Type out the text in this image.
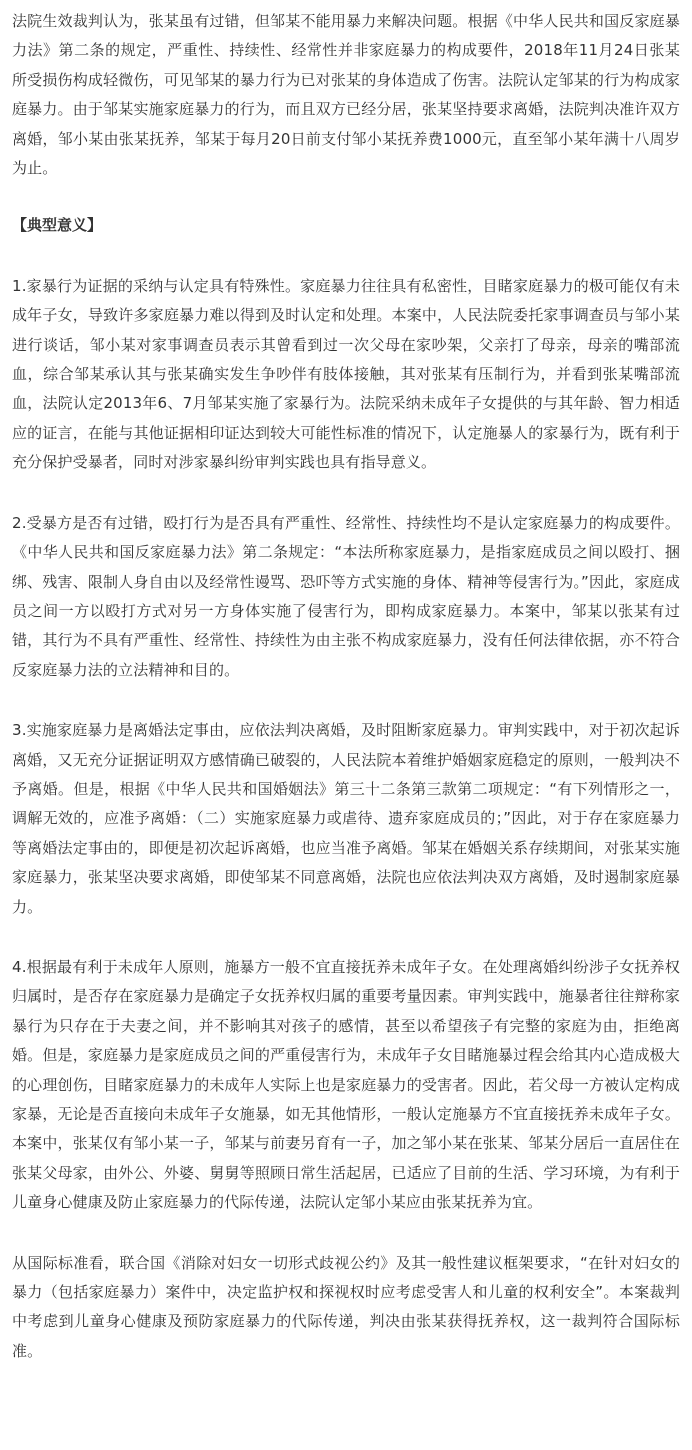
法院生效裁判认为，张某虽有过错，但邹某不能用暴力来解决问题。根据《中华人民共和国反家庭暴力法》第二条的规定，严重性、持续性、经常性并非家庭暴力的构成要件，2018年11月24日张某所受损伤构成轻微伤，可见邹某的暴力行为已对张某的身体造成了伤害。法院认定邹某的行为构成家庭暴力。由于邹某实施家庭暴力的行为，而且双方已经分居，张某坚持要求离婚，法院判决准许双方离婚，邹小某由张某抚养，邹某于每月20日前支付邹小某抚养费1000元，直至邹小某年满十八周岁为止。

【典型意义】

1.家暴行为证据的采纳与认定具有特殊性。家庭暴力往往具有私密性，目睹家庭暴力的极可能仅有未成年子女，导致许多家庭暴力难以得到及时认定和处理。本案中，人民法院委托家事调查员与邹小某进行谈话，邹小某对家事调查员表示其曾看到过一次父母在家吵架，父亲打了母亲，母亲的嘴部流血，综合邹某承认其与张某确实发生争吵伴有肢体接触，其对张某有压制行为，并看到张某嘴部流血，法院认定2013年6、7月邹某实施了家暴行为。法院采纳未成年子女提供的与其年龄、智力相适应的证言，在能与其他证据相印证达到较大可能性标准的情况下，认定施暴人的家暴行为，既有利于充分保护受暴者，同时对涉家暴纠纷审判实践也具有指导意义。

2.受暴方是否有过错，殴打行为是否具有严重性、经常性、持续性均不是认定家庭暴力的构成要件。《中华人民共和国反家庭暴力法》第二条规定：“本法所称家庭暴力，是指家庭成员之间以殴打、捆绑、残害、限制人身自由以及经常性谩骂、恐吓等方式实施的身体、精神等侵害行为。”因此，家庭成员之间一方以殴打方式对另一方身体实施了侵害行为，即构成家庭暴力。本案中，邹某以张某有过错，其行为不具有严重性、经常性、持续性为由主张不构成家庭暴力，没有任何法律依据，亦不符合反家庭暴力法的立法精神和目的。

3.实施家庭暴力是离婚法定事由，应依法判决离婚，及时阻断家庭暴力。审判实践中，对于初次起诉离婚，又无充分证据证明双方感情确已破裂的，人民法院本着维护婚姻家庭稳定的原则，一般判决不予离婚。但是，根据《中华人民共和国婚姻法》第三十二条第三款第二项规定：“有下列情形之一，调解无效的，应准予离婚：（二）实施家庭暴力或虐待、遗弃家庭成员的；”因此，对于存在家庭暴力等离婚法定事由的，即便是初次起诉离婚，也应当准予离婚。邹某在婚姻关系存续期间，对张某实施家庭暴力，张某坚决要求离婚，即使邹某不同意离婚，法院也应依法判决双方离婚，及时遏制家庭暴力。

4.根据最有利于未成年人原则，施暴方一般不宜直接抚养未成年子女。在处理离婚纠纷涉子女抚养权归属时，是否存在家庭暴力是确定子女抚养权归属的重要考量因素。审判实践中，施暴者往往辩称家暴行为只存在于夫妻之间，并不影响其对孩子的感情，甚至以希望孩子有完整的家庭为由，拒绝离婚。但是，家庭暴力是家庭成员之间的严重侵害行为，未成年子女目睹施暴过程会给其内心造成极大的心理创伤，目睹家庭暴力的未成年人实际上也是家庭暴力的受害者。因此，若父母一方被认定构成家暴，无论是否直接向未成年子女施暴，如无其他情形，一般认定施暴方不宜直接抚养未成年子女。本案中，张某仅有邹小某一子，邹某与前妻另育有一子，加之邹小某在张某、邹某分居后一直居住在张某父母家，由外公、外婆、舅舅等照顾日常生活起居，已适应了目前的生活、学习环境，为有利于儿童身心健康及防止家庭暴力的代际传递，法院认定邹小某应由张某抚养为宜。

从国际标准看，联合国《消除对妇女一切形式歧视公约》及其一般性建议框架要求，“在针对妇女的暴力（包括家庭暴力）案件中，决定监护权和探视权时应考虑受害人和儿童的权利安全”。本案裁判中考虑到儿童身心健康及预防家庭暴力的代际传递，判决由张某获得抚养权，这一裁判符合国际标准。
